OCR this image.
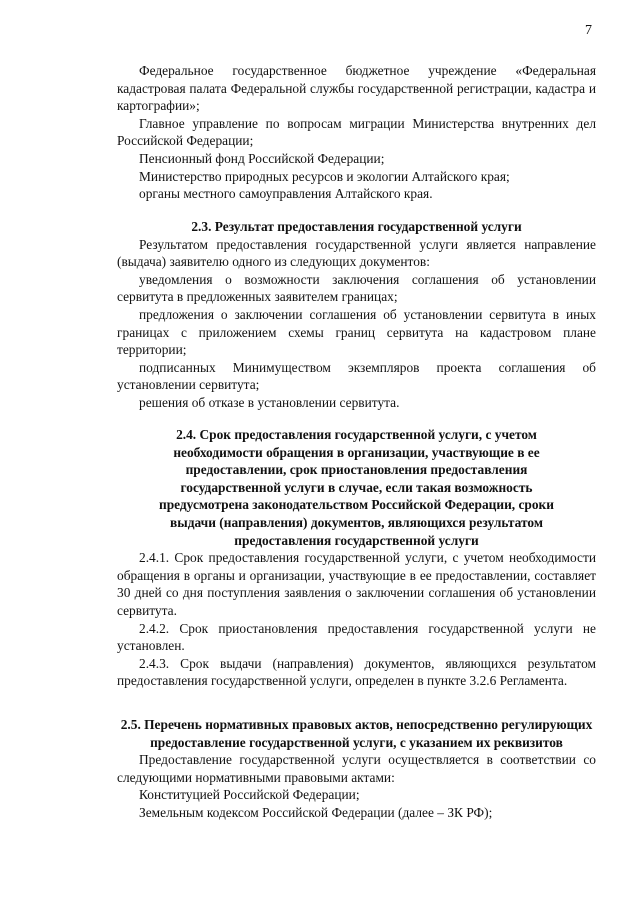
7

Федеральное государственное бюджетное учреждение «Федеральная кадастровая палата Федеральной службы государственной регистрации, кадастра и картографии»;

Главное управление по вопросам миграции Министерства внутренних дел Российской Федерации;

Пенсионный фонд Российской Федерации;

Министерство природных ресурсов и экологии Алтайского края;

органы местного самоуправления Алтайского края.

2.3. Результат предоставления государственной услуги

Результатом предоставления государственной услуги является направление (выдача) заявителю одного из следующих документов:

уведомления о возможности заключения соглашения об установлении сервитута в предложенных заявителем границах;

предложения о заключении соглашения об установлении сервитута в иных границах с приложением схемы границ сервитута на кадастровом плане территории;

подписанных Минимуществом экземпляров проекта соглашения об установлении сервитута;

решения об отказе в установлении сервитута.

2.4. Срок предоставления государственной услуги, с учетом необходимости обращения в организации, участвующие в ее предоставлении, срок приостановления предоставления государственной услуги в случае, если такая возможность предусмотрена законодательством Российской Федерации, сроки выдачи (направления) документов, являющихся результатом предоставления государственной услуги

2.4.1. Срок предоставления государственной услуги, с учетом необходимости обращения в органы и организации, участвующие в ее предоставлении, составляет 30 дней со дня поступления заявления о заключении соглашения об установлении сервитута.

2.4.2. Срок приостановления предоставления государственной услуги не установлен.

2.4.3. Срок выдачи (направления) документов, являющихся результатом предоставления государственной услуги, определен в пункте 3.2.6 Регламента.

2.5. Перечень нормативных правовых актов, непосредственно регулирующих предоставление государственной услуги, с указанием их реквизитов

Предоставление государственной услуги осуществляется в соответствии со следующими нормативными правовыми актами:

Конституцией Российской Федерации;

Земельным кодексом Российской Федерации (далее – ЗК РФ);
